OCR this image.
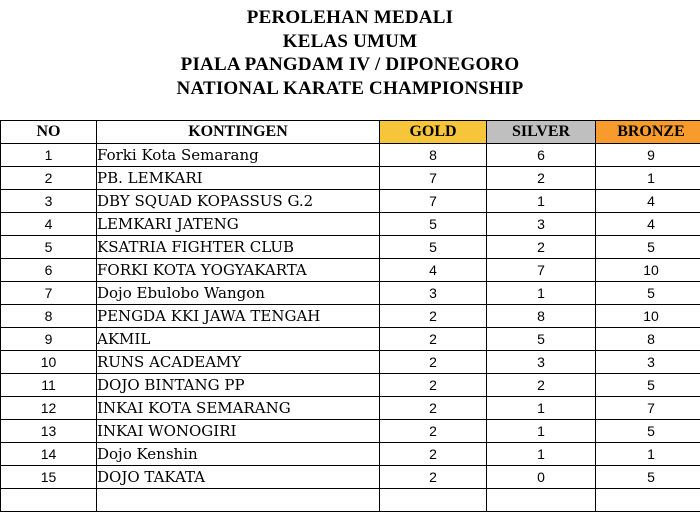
PEROLEHAN MEDALI
KELAS UMUM
PIALA PANGDAM IV / DIPONEGORO
NATIONAL KARATE CHAMPIONSHIP
NO	KONTINGEN	GOLD	SILVER	BRONZE
1	Forki Kota Semarang	8	6	9
2	PB. LEMKARI	7	2	1
3	DBY SQUAD KOPASSUS G.2	7	1	4
4	LEMKARI JATENG	5	3	4
5	KSATRIA FIGHTER CLUB	5	2	5
6	FORKI KOTA YOGYAKARTA	4	7	10
7	Dojo Ebulobo Wangon	3	1	5
8	PENGDA KKI JAWA TENGAH	2	8	10
9	AKMIL	2	5	8
10	RUNS ACADEAMY	2	3	3
11	DOJO BINTANG PP	2	2	5
12	INKAI KOTA SEMARANG	2	1	7
13	INKAI WONOGIRI	2	1	5
14	Dojo Kenshin	2	1	1
15	DOJO TAKATA	2	0	5
